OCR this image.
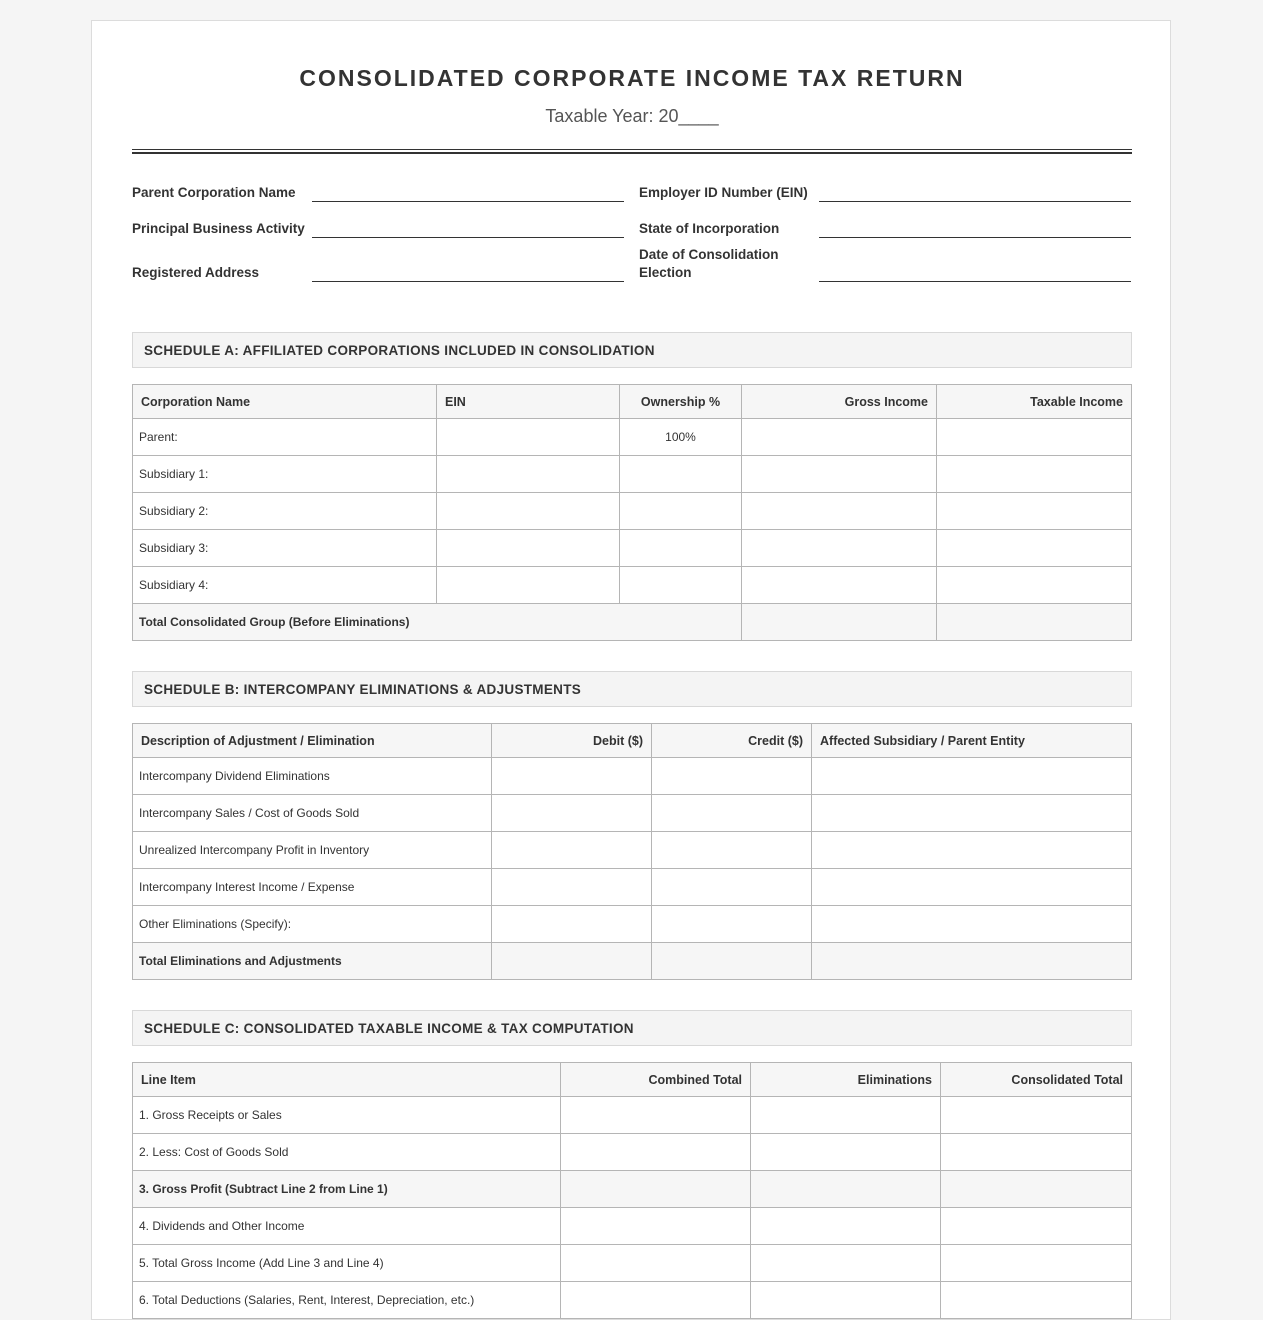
CONSOLIDATED CORPORATE INCOME TAX RETURN
Taxable Year: 20____
Parent Corporation Name	Employer ID Number (EIN)
Principal Business Activity	State of Incorporation
Registered Address
Date of Consolidation Election
SCHEDULE A: AFFILIATED CORPORATIONS INCLUDED IN CONSOLIDATION
Corporation Name	EIN	Ownership %	Gross Income	Taxable Income
Parent:		100%		
Subsidiary 1:				
Subsidiary 2:				
Subsidiary 3:				
Subsidiary 4:				
Total Consolidated Group (Before Eliminations)				
SCHEDULE B: INTERCOMPANY ELIMINATIONS & ADJUSTMENTS
Description of Adjustment / Elimination	Debit ($)	Credit ($)	Affected Subsidiary / Parent Entity
Intercompany Dividend Eliminations			
Intercompany Sales / Cost of Goods Sold			
Unrealized Intercompany Profit in Inventory			
Intercompany Interest Income / Expense			
Other Eliminations (Specify):			
Total Eliminations and Adjustments			
SCHEDULE C: CONSOLIDATED TAXABLE INCOME & TAX COMPUTATION
Line Item	Combined Total	Eliminations	Consolidated Total
1. Gross Receipts or Sales			
2. Less: Cost of Goods Sold			
3. Gross Profit (Subtract Line 2 from Line 1)			
4. Dividends and Other Income			
5. Total Gross Income (Add Line 3 and Line 4)			
6. Total Deductions (Salaries, Rent, Interest, Depreciation, etc.)			
